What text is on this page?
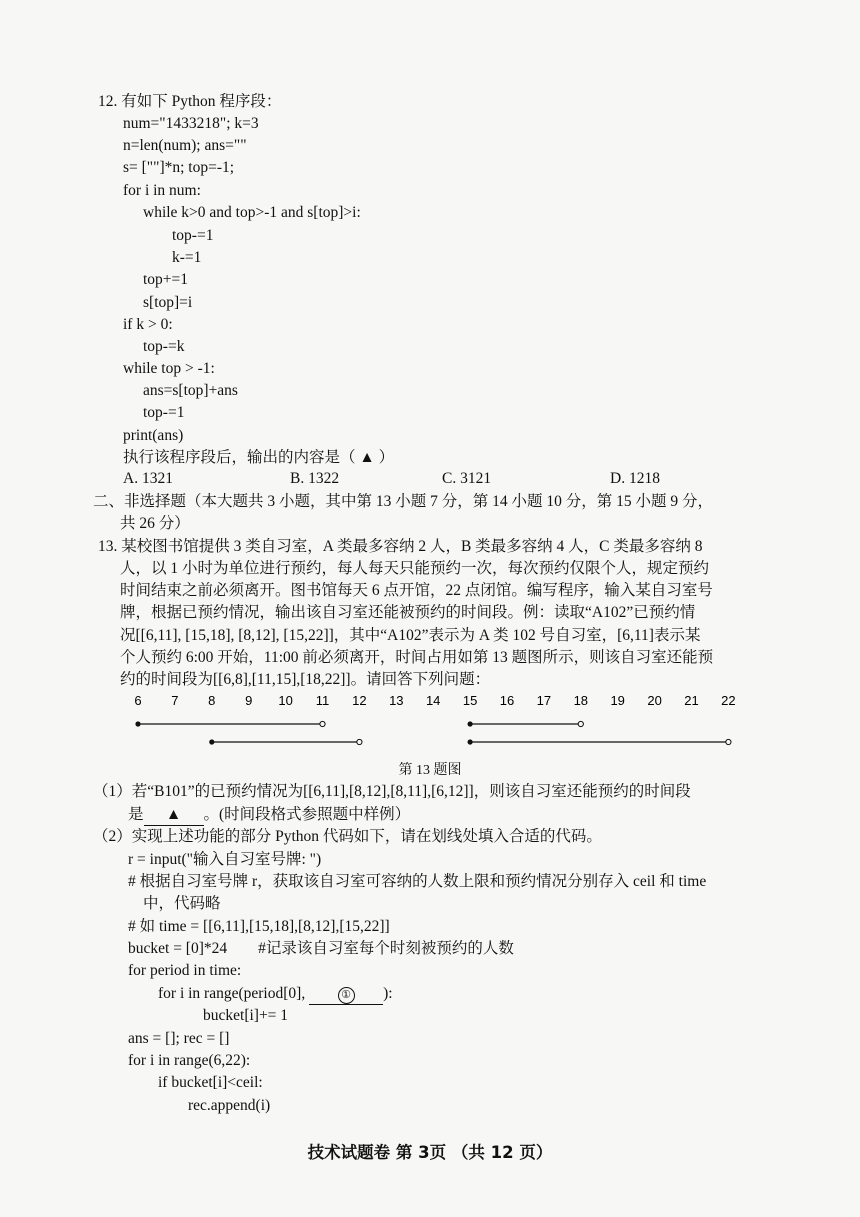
12. 有如下 Python 程序段：
num="1433218"; k=3
n=len(num); ans=""
s= [""]*n; top=-1;
for i in num:
while k>0 and top>-1 and s[top]>i:
top-=1
k-=1
top+=1
s[top]=i
if k > 0:
top-=k
while top > -1:
ans=s[top]+ans
top-=1
print(ans)
执行该程序段后，输出的内容是（ ▲ ）
A. 1321	B. 1322	C. 3121	D. 1218
二、非选择题（本大题共 3 小题，其中第 13 小题 7 分，第 14 小题 10 分，第 15 小题 9 分，
共 26 分）
13. 某校图书馆提供 3 类自习室，A 类最多容纳 2 人，B 类最多容纳 4 人，C 类最多容纳 8
人，以 1 小时为单位进行预约，每人每天只能预约一次，每次预约仅限个人，规定预约
时间结束之前必须离开。图书馆每天 6 点开馆，22 点闭馆。编写程序，输入某自习室号
牌，根据已预约情况，输出该自习室还能被预约的时间段。例：读取“A102”已预约情
况[[6,11], [15,18], [8,12], [15,22]]，其中“A102”表示为 A 类 102 号自习室，[6,11]表示某
个人预约 6:00 开始，11:00 前必须离开，时间占用如第 13 题图所示，则该自习室还能预
约的时间段为[[6,8],[11,15],[18,22]]。请回答下列问题：
6 7 8 9 10 11 12 13 14 15 16 17 18 19 20 21 22
第 13 题图
（1）若“B101”的已预约情况为[[6,11],[8,12],[8,11],[6,12]]，则该自习室还能预约的时间段
是 ▲ 。(时间段格式参照题中样例）
（2）实现上述功能的部分 Python 代码如下，请在划线处填入合适的代码。
r = input("输入自习室号牌: ")
# 根据自习室号牌 r，获取该自习室可容纳的人数上限和预约情况分别存入 ceil 和 time
中，代码略
# 如 time = [[6,11],[15,18],[8,12],[15,22]]
bucket = [0]*24        #记录该自习室每个时刻被预约的人数
for period in time:
for i in range(period[0],	① ):
bucket[i]+= 1
ans = []; rec = []
for i in range(6,22):
if bucket[i]<ceil:
rec.append(i)
技术试题卷 第 3页 （共 12 页）
